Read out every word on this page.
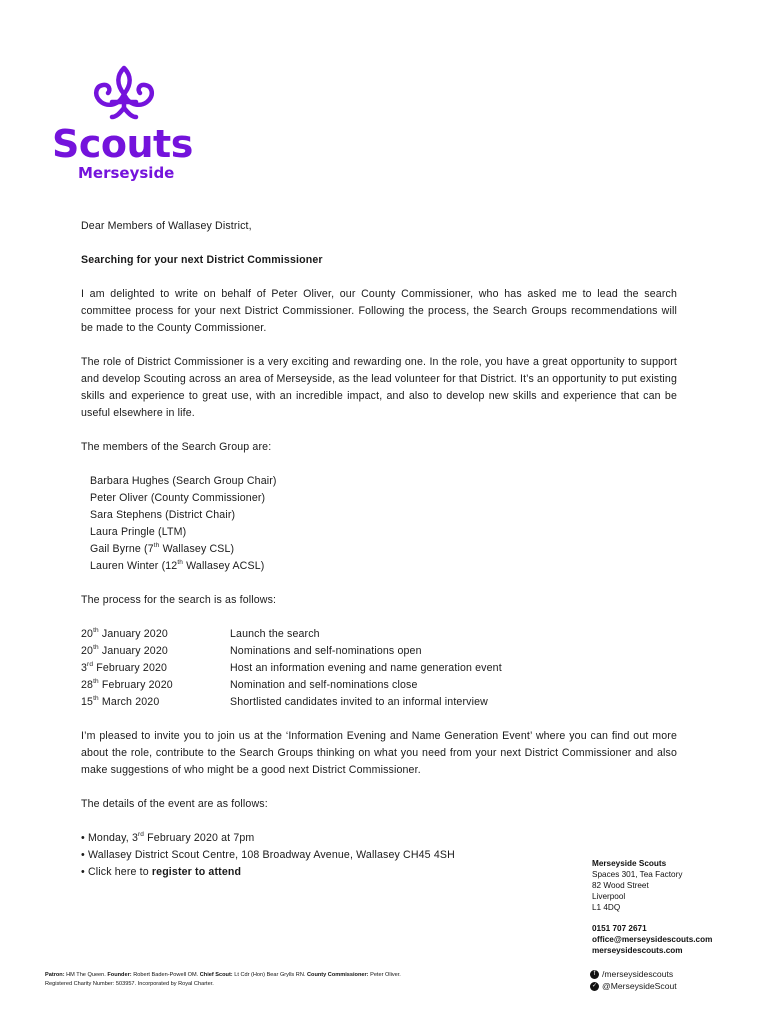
Scouts
Merseyside

Dear Members of Wallasey District,

Searching for your next District Commissioner

I am delighted to write on behalf of Peter Oliver, our County Commissioner, who has asked me to lead the search committee process for your next District Commissioner. Following the process, the Search Groups recommendations will be made to the County Commissioner.

The role of District Commissioner is a very exciting and rewarding one. In the role, you have a great opportunity to support and develop Scouting across an area of Merseyside, as the lead volunteer for that District. It’s an opportunity to put existing skills and experience to great use, with an incredible impact, and also to develop new skills and experience that can be useful elsewhere in life.

The members of the Search Group are:

Barbara Hughes (Search Group Chair)
Peter Oliver (County Commissioner)
Sara Stephens (District Chair)
Laura Pringle (LTM)
Gail Byrne (7th Wallasey CSL)
Lauren Winter (12th Wallasey ACSL)

The process for the search is as follows:

20th January 2020	Launch the search
20th January 2020	Nominations and self-nominations open
3rd February 2020	Host an information evening and name generation event
28th February 2020	Nomination and self-nominations close
15th March 2020	Shortlisted candidates invited to an informal interview

I’m pleased to invite you to join us at the ‘Information Evening and Name Generation Event’ where you can find out more about the role, contribute to the Search Groups thinking on what you need from your next District Commissioner and also make suggestions of who might be a good next District Commissioner.

The details of the event are as follows:

• Monday, 3rd February 2020 at 7pm
• Wallasey District Scout Centre, 108 Broadway Avenue, Wallasey CH45 4SH
• Click here to register to attend
Merseyside Scouts
Spaces 301, Tea Factory
82 Wood Street
Liverpool
L1 4DQ
0151 707 2671
office@merseysidescouts.com
merseysidescouts.com
f /merseysidescouts
✓ @MerseysideScout
Patron: HM The Queen. Founder: Robert Baden-Powell OM. Chief Scout: Lt Cdr (Hon) Bear Grylls RN. County Commissioner: Peter Oliver.
Registered Charity Number: 503957. Incorporated by Royal Charter.
